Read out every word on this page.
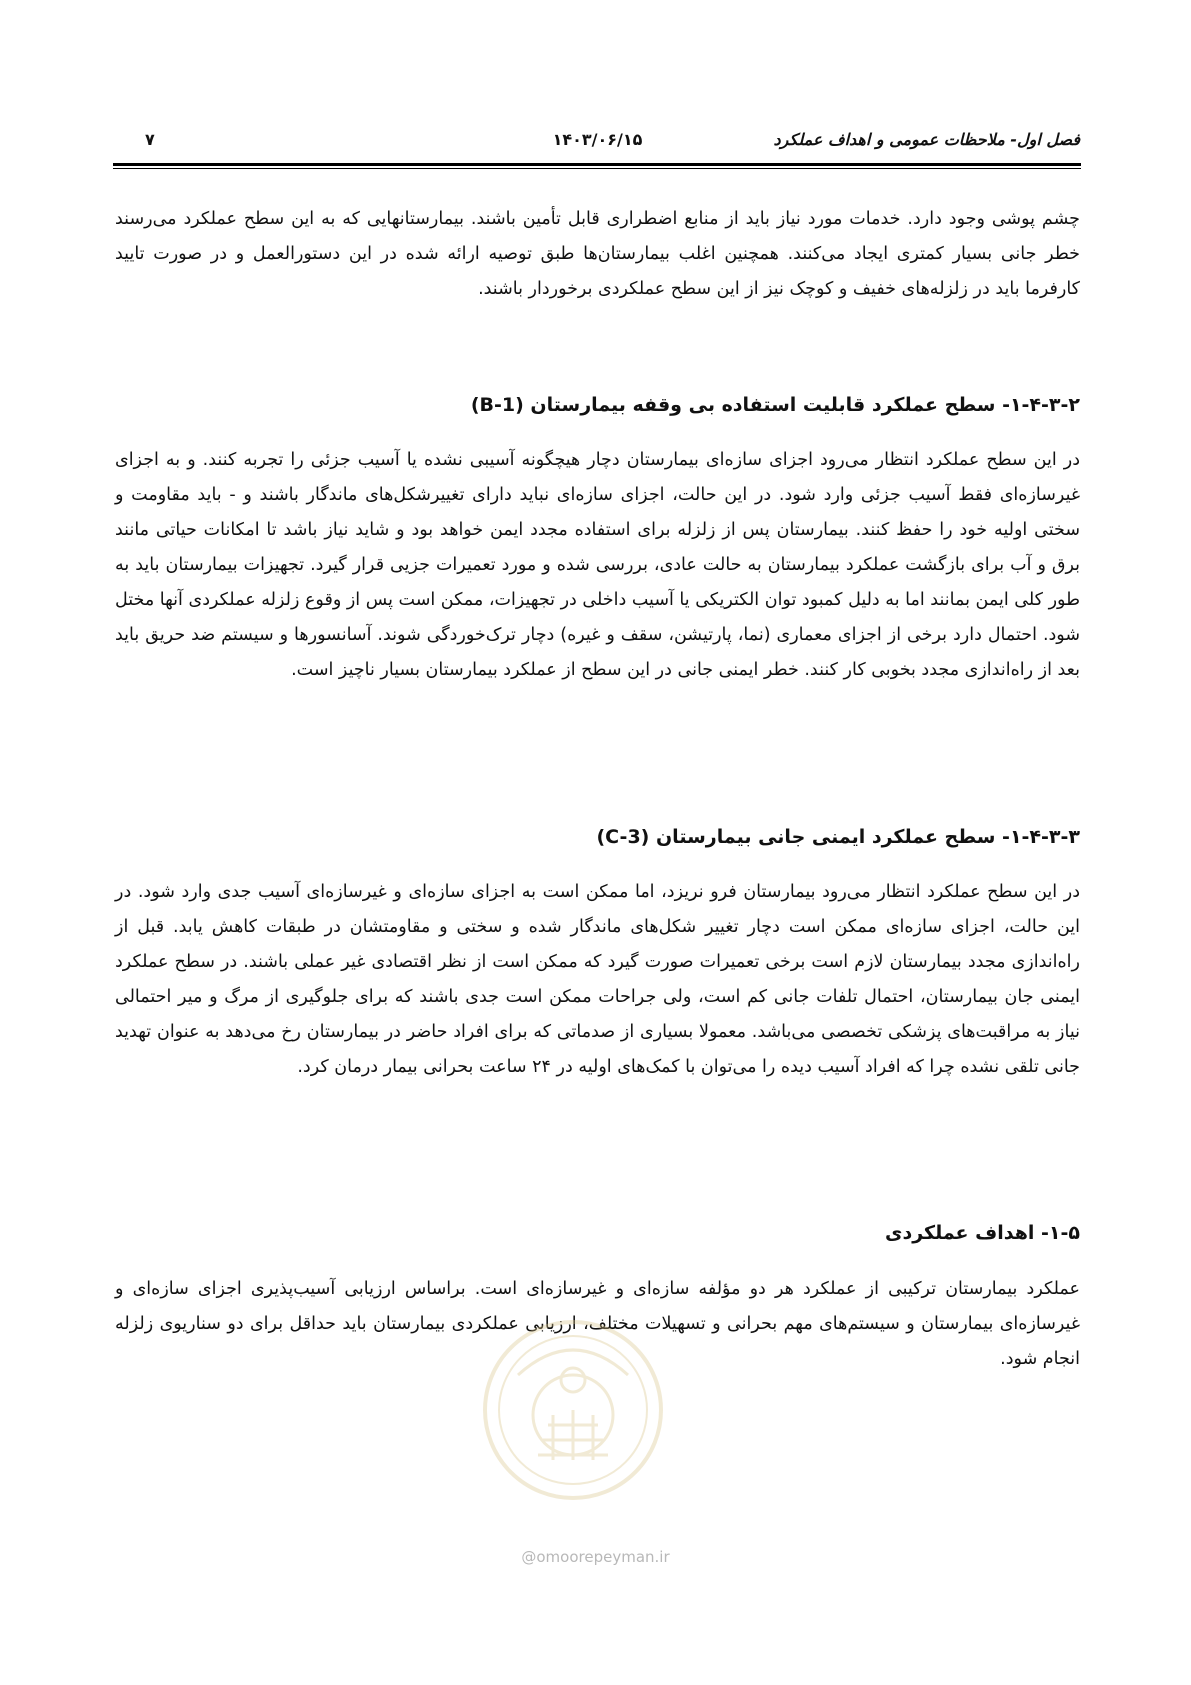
فصل اول- ملاحظات عمومی و اهداف عملکرد
۱۴۰۳/۰۶/۱۵
۷

چشم پوشی وجود دارد. خدمات مورد نیاز باید از منابع اضطراری قابل تأمین باشند. بیمارستانهایی که به این سطح عملکرد می‌رسند خطر جانی بسیار کمتری ایجاد می‌کنند. همچنین اغلب بیمارستان‌ها طبق توصیه ارائه شده در این دستورالعمل و در صورت تایید کارفرما باید در زلزله‌های خفیف و کوچک نیز از این سطح عملکردی برخوردار باشند.

۱-۴-۳-۲- سطح عملکرد قابلیت استفاده بی وقفه بیمارستان (B-1)

در این سطح عملکرد انتظار می‌رود اجزای سازه‌ای بیمارستان دچار هیچگونه آسیبی نشده یا آسیب جزئی را تجربه کنند. و به اجزای غیرسازه‌ای فقط آسیب جزئی وارد شود. در این حالت، اجزای سازه‌ای نباید دارای تغییرشکل‌های ماندگار باشند و - باید مقاومت و سختی اولیه خود را حفظ کنند. بیمارستان پس از زلزله برای استفاده مجدد ایمن خواهد بود و شاید نیاز باشد تا امکانات حیاتی مانند برق و آب برای بازگشت عملکرد بیمارستان به حالت عادی، بررسی شده و مورد تعمیرات جزیی قرار گیرد. تجهیزات بیمارستان باید به طور کلی ایمن بمانند اما به دلیل کمبود توان الکتریکی یا آسیب داخلی در تجهیزات، ممکن است پس از وقوع زلزله عملکردی آنها مختل شود. احتمال دارد برخی از اجزای معماری (نما، پارتیشن، سقف و غیره) دچار ترک‌خوردگی شوند. آسانسورها و سیستم ضد حریق باید بعد از راه‌اندازی مجدد بخوبی کار کنند. خطر ایمنی جانی در این سطح از عملکرد بیمارستان بسیار ناچیز است.

۱-۴-۳-۳- سطح عملکرد ایمنی جانی بیمارستان (C-3)

در این سطح عملکرد انتظار می‌رود بیمارستان فرو نریزد، اما ممکن است به اجزای سازه‌ای و غیرسازه‌ای آسیب جدی وارد شود. در این حالت، اجزای سازه‌ای ممکن است دچار تغییر شکل‌های ماندگار شده و سختی و مقاومتشان در طبقات کاهش یابد. قبل از راه‌اندازی مجدد بیمارستان لازم است برخی تعمیرات صورت گیرد که ممکن است از نظر اقتصادی غیر عملی باشند. در سطح عملکرد ایمنی جان بیمارستان، احتمال تلفات جانی کم است، ولی جراحات ممکن است جدی باشند که برای جلوگیری از مرگ و میر احتمالی نیاز به مراقبت‌های پزشکی تخصصی می‌باشد. معمولا بسیاری از صدماتی که برای افراد حاضر در بیمارستان رخ می‌دهد به عنوان تهدید جانی تلقی نشده چرا که افراد آسیب دیده را می‌توان با کمک‌های اولیه در ۲۴ ساعت بحرانی بیمار درمان کرد.

۱-۵- اهداف عملکردی

عملکرد بیمارستان ترکیبی از عملکرد هر دو مؤلفه سازه‌ای و غیرسازه‌ای است. براساس ارزیابی آسیب‌پذیری اجزای سازه‌ای و غیرسازه‌ای بیمارستان و سیستم‌های مهم بحرانی و تسهیلات مختلف، ارزیابی عملکردی بیمارستان باید حداقل برای دو سناریوی زلزله انجام شود.

@omoorepeyman.ir
